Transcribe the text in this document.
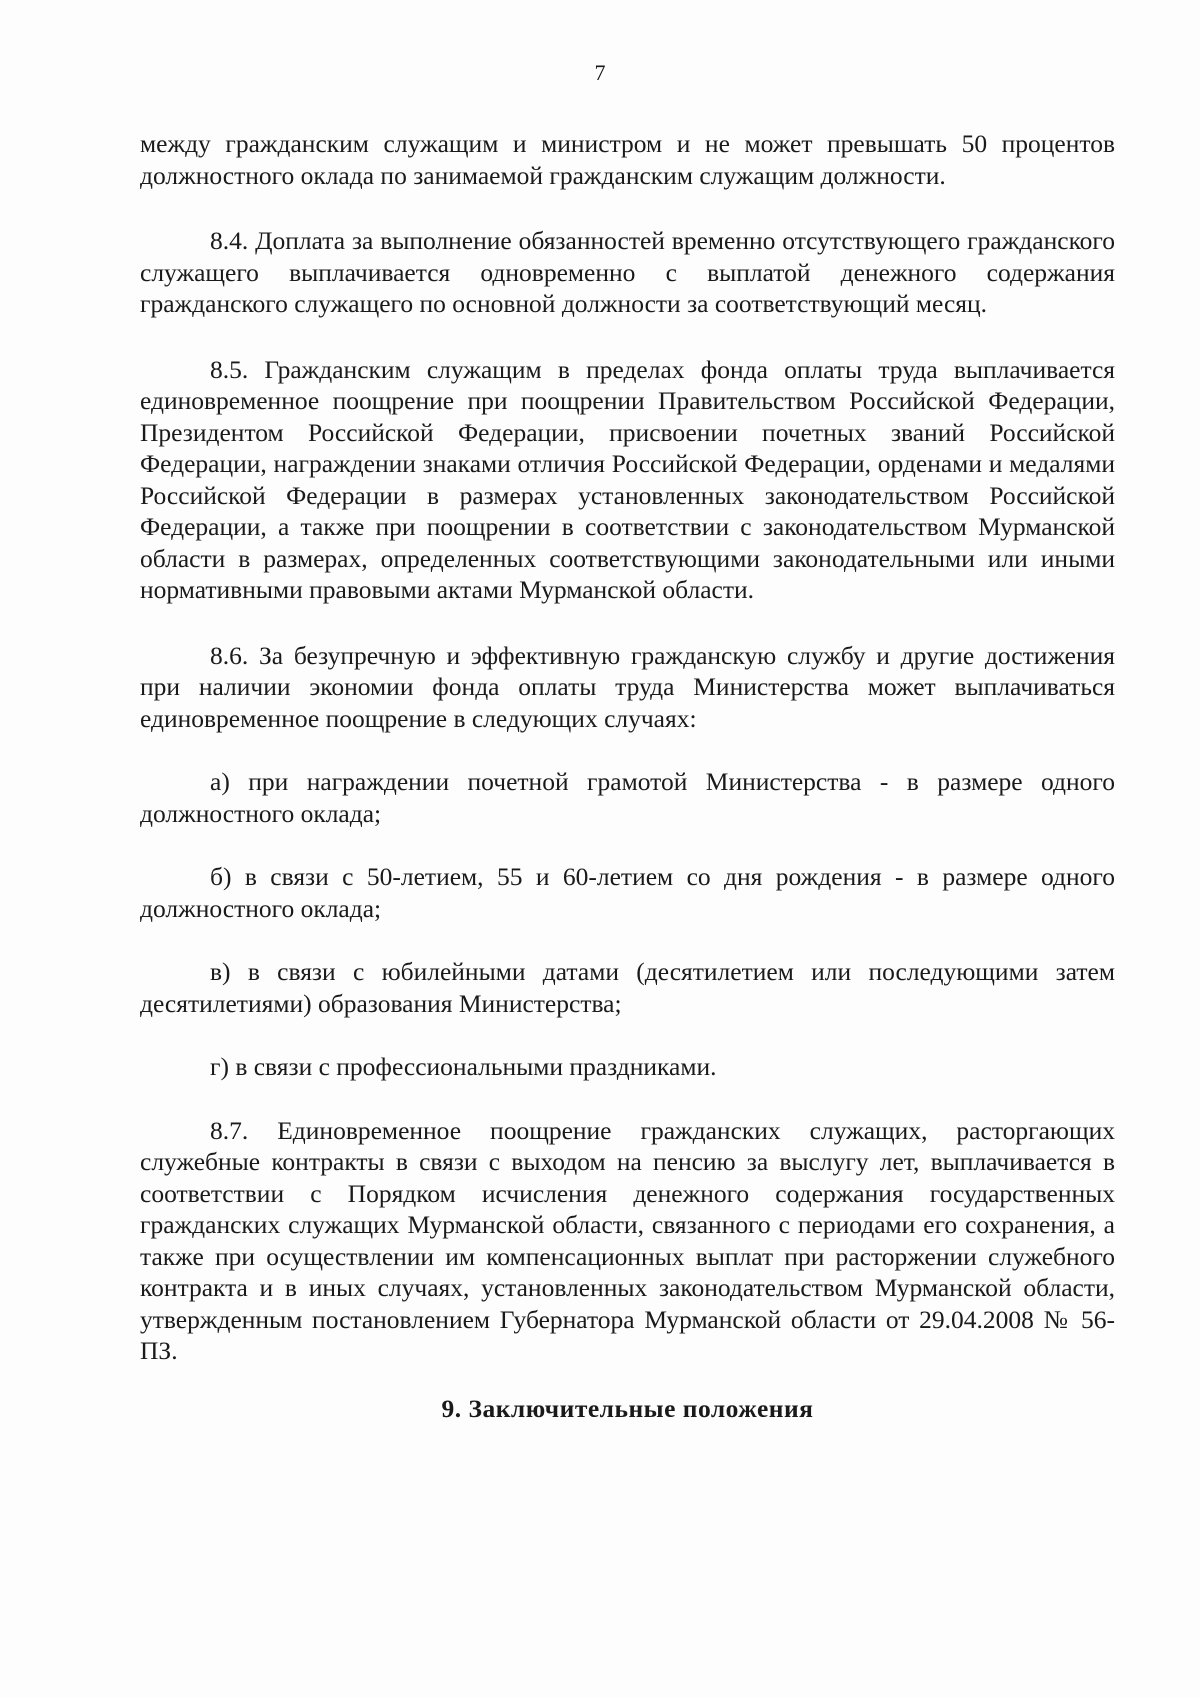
7

между гражданским служащим и министром и не может превышать 50 процентов должностного оклада по занимаемой гражданским служащим должности.

8.4. Доплата за выполнение обязанностей временно отсутствующего гражданского служащего выплачивается одновременно с выплатой денежного содержания гражданского служащего по основной должности за соответствующий месяц.

8.5. Гражданским служащим в пределах фонда оплаты труда выплачивается единовременное поощрение при поощрении Правительством Российской Федерации, Президентом Российской Федерации, присвоении почетных званий Российской Федерации, награждении знаками отличия Российской Федерации, орденами и медалями Российской Федерации в размерах установленных законодательством Российской Федерации, а также при поощрении в соответствии с законодательством Мурманской области в размерах, определенных соответствующими законодательными или иными нормативными правовыми актами Мурманской области.

8.6. За безупречную и эффективную гражданскую службу и другие достижения при наличии экономии фонда оплаты труда Министерства может выплачиваться единовременное поощрение в следующих случаях:

а) при награждении почетной грамотой Министерства - в размере одного должностного оклада;

б) в связи с 50-летием, 55 и 60-летием со дня рождения - в размере одного должностного оклада;

в) в связи с юбилейными датами (десятилетием или последующими затем десятилетиями) образования Министерства;

г) в связи с профессиональными праздниками.

8.7. Единовременное поощрение гражданских служащих, расторгающих служебные контракты в связи с выходом на пенсию за выслугу лет, выплачивается в соответствии с Порядком исчисления денежного содержания государственных гражданских служащих Мурманской области, связанного с периодами его сохранения, а также при осуществлении им компенсационных выплат при расторжении служебного контракта и в иных случаях, установленных законодательством Мурманской области, утвержденным постановлением Губернатора Мурманской области от 29.04.2008 № 56-ПЗ.

9. Заключительные положения
